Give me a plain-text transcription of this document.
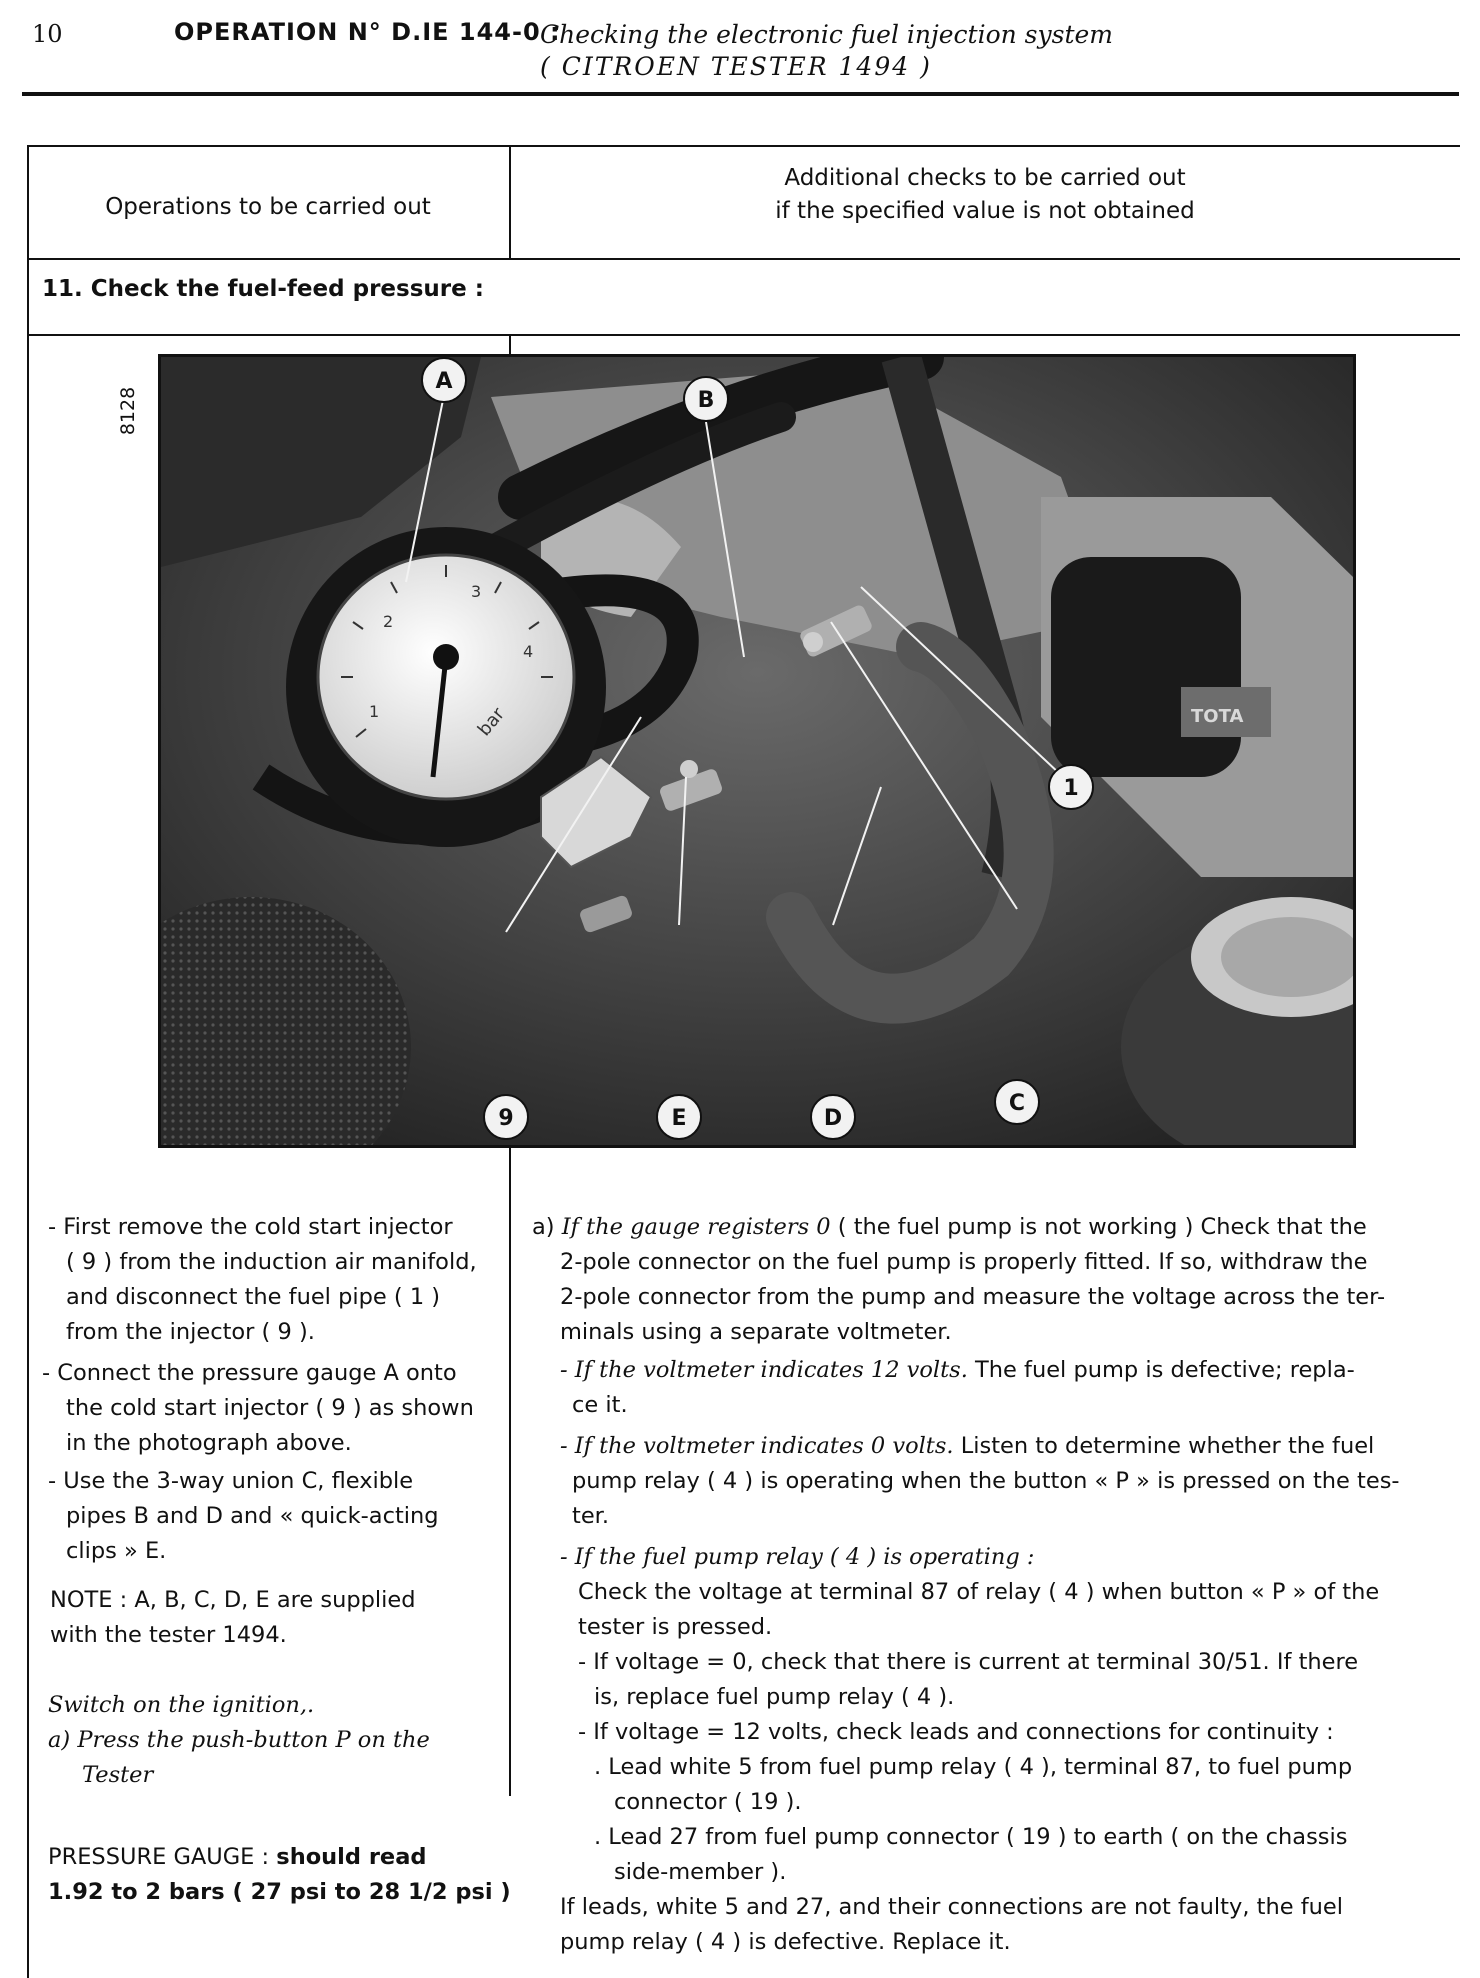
10	OPERATION N° D.IE 144-0 :
Checking the electronic fuel injection system
( CITROEN TESTER 1494 )
Operations to be carried out
Additional checks to be carried out
if the specified value is not obtained
11. Check the fuel-feed pressure :
8128
TOTA
1
2
3
4
bar
A
B
1
C
D
E
9
- First remove the cold start injector
( 9 ) from the induction air manifold,
and disconnect the fuel pipe ( 1 )
from the injector ( 9 ).
- Connect the pressure gauge A onto
the cold start injector ( 9 ) as shown
in the photograph above.
- Use the 3-way union C, flexible
pipes B and D and « quick-acting
clips » E.
NOTE : A, B, C, D, E are supplied
with the tester 1494.
Switch on the ignition,.
a) Press the push-button P on the
Tester
PRESSURE GAUGE : should read
1.92 to 2 bars ( 27 psi to 28 1/2 psi )
a) If the gauge registers 0 ( the fuel pump is not working ) Check that the
2-pole connector on the fuel pump is properly fitted. If so, withdraw the
2-pole connector from the pump and measure the voltage across the ter-
minals using a separate voltmeter.
- If the voltmeter indicates 12 volts. The fuel pump is defective; repla-
ce it.
- If the voltmeter indicates 0 volts. Listen to determine whether the fuel
pump relay ( 4 ) is operating when the button « P » is pressed on the tes-
ter.
- If the fuel pump relay ( 4 ) is operating :
Check the voltage at terminal 87 of relay ( 4 ) when button « P » of the
tester is pressed.
- If voltage = 0, check that there is current at terminal 30/51. If there
is, replace fuel pump relay ( 4 ).
- If voltage = 12 volts, check leads and connections for continuity :
. Lead white 5 from fuel pump relay ( 4 ), terminal 87, to fuel pump
connector ( 19 ).
. Lead 27 from fuel pump connector ( 19 ) to earth ( on the chassis
side-member ).
If leads, white 5 and 27, and their connections are not faulty, the fuel
pump relay ( 4 ) is defective. Replace it.
